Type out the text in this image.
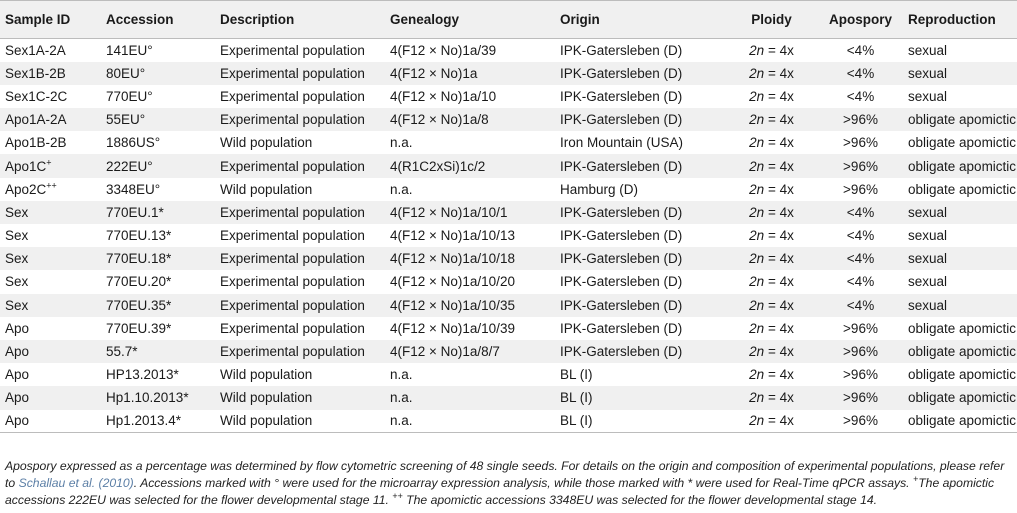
Sample ID	Accession	Description	Genealogy	Origin	Ploidy	Apospory	Reproduction
Sex1A-2A	141EU°	Experimental population	4(F12 × No)1a/39	IPK-Gatersleben (D)	2n = 4x	<4%	sexual
Sex1B-2B	80EU°	Experimental population	4(F12 × No)1a	IPK-Gatersleben (D)	2n = 4x	<4%	sexual
Sex1C-2C	770EU°	Experimental population	4(F12 × No)1a/10	IPK-Gatersleben (D)	2n = 4x	<4%	sexual
Apo1A-2A	55EU°	Experimental population	4(F12 × No)1a/8	IPK-Gatersleben (D)	2n = 4x	>96%	obligate apomictic
Apo1B-2B	1886US°	Wild population	n.a.	Iron Mountain (USA)	2n = 4x	>96%	obligate apomictic
Apo1C+	222EU°	Experimental population	4(R1C2xSi)1c/2	IPK-Gatersleben (D)	2n = 4x	>96%	obligate apomictic
Apo2C++	3348EU°	Wild population	n.a.	Hamburg (D)	2n = 4x	>96%	obligate apomictic
Sex	770EU.1*	Experimental population	4(F12 × No)1a/10/1	IPK-Gatersleben (D)	2n = 4x	<4%	sexual
Sex	770EU.13*	Experimental population	4(F12 × No)1a/10/13	IPK-Gatersleben (D)	2n = 4x	<4%	sexual
Sex	770EU.18*	Experimental population	4(F12 × No)1a/10/18	IPK-Gatersleben (D)	2n = 4x	<4%	sexual
Sex	770EU.20*	Experimental population	4(F12 × No)1a/10/20	IPK-Gatersleben (D)	2n = 4x	<4%	sexual
Sex	770EU.35*	Experimental population	4(F12 × No)1a/10/35	IPK-Gatersleben (D)	2n = 4x	<4%	sexual
Apo	770EU.39*	Experimental population	4(F12 × No)1a/10/39	IPK-Gatersleben (D)	2n = 4x	>96%	obligate apomictic
Apo	55.7*	Experimental population	4(F12 × No)1a/8/7	IPK-Gatersleben (D)	2n = 4x	>96%	obligate apomictic
Apo	HP13.2013*	Wild population	n.a.	BL (I)	2n = 4x	>96%	obligate apomictic
Apo	Hp1.10.2013*	Wild population	n.a.	BL (I)	2n = 4x	>96%	obligate apomictic
Apo	Hp1.2013.4*	Wild population	n.a.	BL (I)	2n = 4x	>96%	obligate apomictic
Apospory expressed as a percentage was determined by flow cytometric screening of 48 single seeds. For details on the origin and composition of experimental populations, please refer to Schallau et al. (2010). Accessions marked with ° were used for the microarray expression analysis, while those marked with * were used for Real-Time qPCR assays. +The apomictic accessions 222EU was selected for the flower developmental stage 11. ++ The apomictic accessions 3348EU was selected for the flower developmental stage 14.
